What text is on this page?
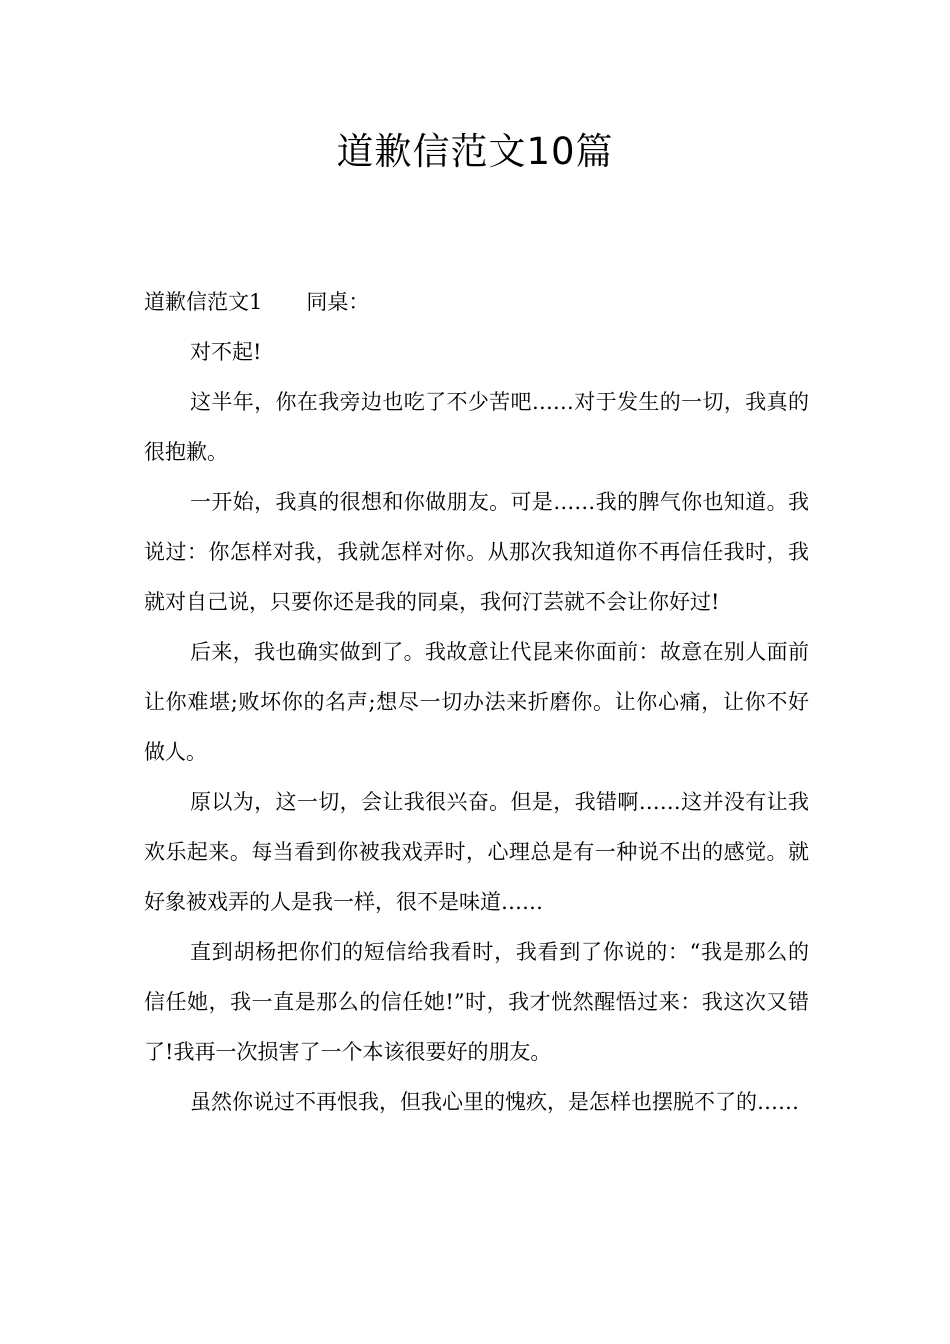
道歉信范文10篇

道歉信范文1 同桌：

对不起!

这半年，你在我旁边也吃了不少苦吧……对于发生的一切，我真的很抱歉。

一开始，我真的很想和你做朋友。可是……我的脾气你也知道。我说过：你怎样对我，我就怎样对你。从那次我知道你不再信任我时，我就对自己说，只要你还是我的同桌，我何汀芸就不会让你好过!

后来，我也确实做到了。我故意让代昆来你面前：故意在别人面前让你难堪;败坏你的名声;想尽一切办法来折磨你。让你心痛，让你不好做人。

原以为，这一切，会让我很兴奋。但是，我错啊……这并没有让我欢乐起来。每当看到你被我戏弄时，心理总是有一种说不出的感觉。就好象被戏弄的人是我一样，很不是味道……

直到胡杨把你们的短信给我看时，我看到了你说的：“我是那么的信任她，我一直是那么的信任她!”时，我才恍然醒悟过来：我这次又错了!我再一次损害了一个本该很要好的朋友。

虽然你说过不再恨我，但我心里的愧疚，是怎样也摆脱不了的……
